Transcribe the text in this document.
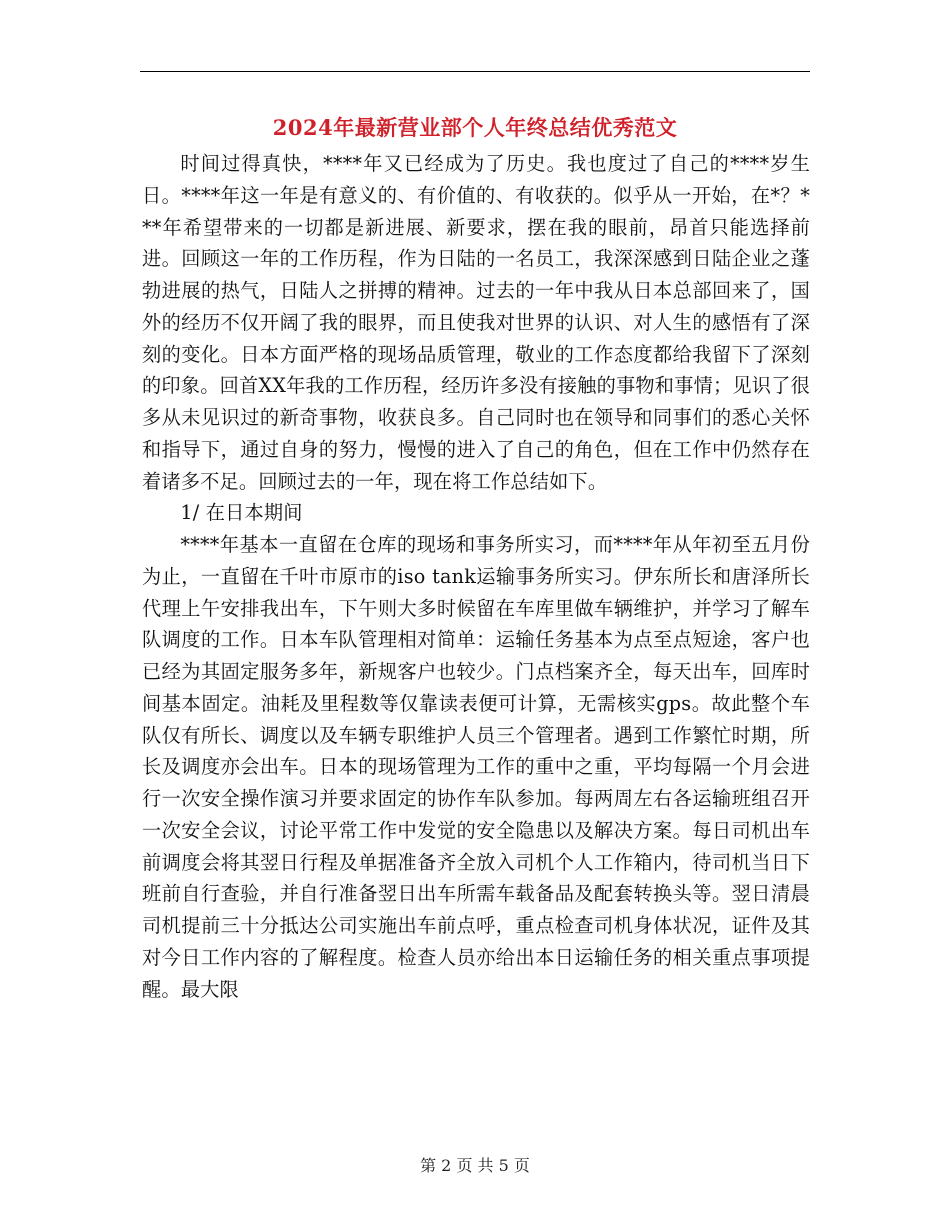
2024年最新营业部个人年终总结优秀范文

时间过得真快，****年又已经成为了历史。我也度过了自己的****岁生日。****年这一年是有意义的、有价值的、有收获的。似乎从一开始，在*？***年希望带来的一切都是新进展、新要求，摆在我的眼前，昂首只能选择前进。回顾这一年的工作历程，作为日陆的一名员工，我深深感到日陆企业之蓬勃进展的热气，日陆人之拼搏的精神。过去的一年中我从日本总部回来了，国外的经历不仅开阔了我的眼界，而且使我对世界的认识、对人生的感悟有了深刻的变化。日本方面严格的现场品质管理，敬业的工作态度都给我留下了深刻的印象。回首XX年我的工作历程，经历许多没有接触的事物和事情；见识了很多从未见识过的新奇事物，收获良多。自己同时也在领导和同事们的悉心关怀和指导下，通过自身的努力，慢慢的进入了自己的角色，但在工作中仍然存在着诸多不足。回顾过去的一年，现在将工作总结如下。

1/ 在日本期间

****年基本一直留在仓库的现场和事务所实习，而****年从年初至五月份为止，一直留在千叶市原市的iso tank运输事务所实习。伊东所长和唐泽所长代理上午安排我出车，下午则大多时候留在车库里做车辆维护，并学习了解车队调度的工作。日本车队管理相对简单：运输任务基本为点至点短途，客户也已经为其固定服务多年，新规客户也较少。门点档案齐全，每天出车，回库时间基本固定。油耗及里程数等仅靠读表便可计算，无需核实gps。故此整个车队仅有所长、调度以及车辆专职维护人员三个管理者。遇到工作繁忙时期，所长及调度亦会出车。日本的现场管理为工作的重中之重，平均每隔一个月会进行一次安全操作演习并要求固定的协作车队参加。每两周左右各运输班组召开一次安全会议，讨论平常工作中发觉的安全隐患以及解决方案。每日司机出车前调度会将其翌日行程及单据准备齐全放入司机个人工作箱内，待司机当日下班前自行查验，并自行准备翌日出车所需车载备品及配套转换头等。翌日清晨司机提前三十分抵达公司实施出车前点呼，重点检查司机身体状况，证件及其对今日工作内容的了解程度。检查人员亦给出本日运输任务的相关重点事项提醒。最大限

第 2 页 共 5 页
